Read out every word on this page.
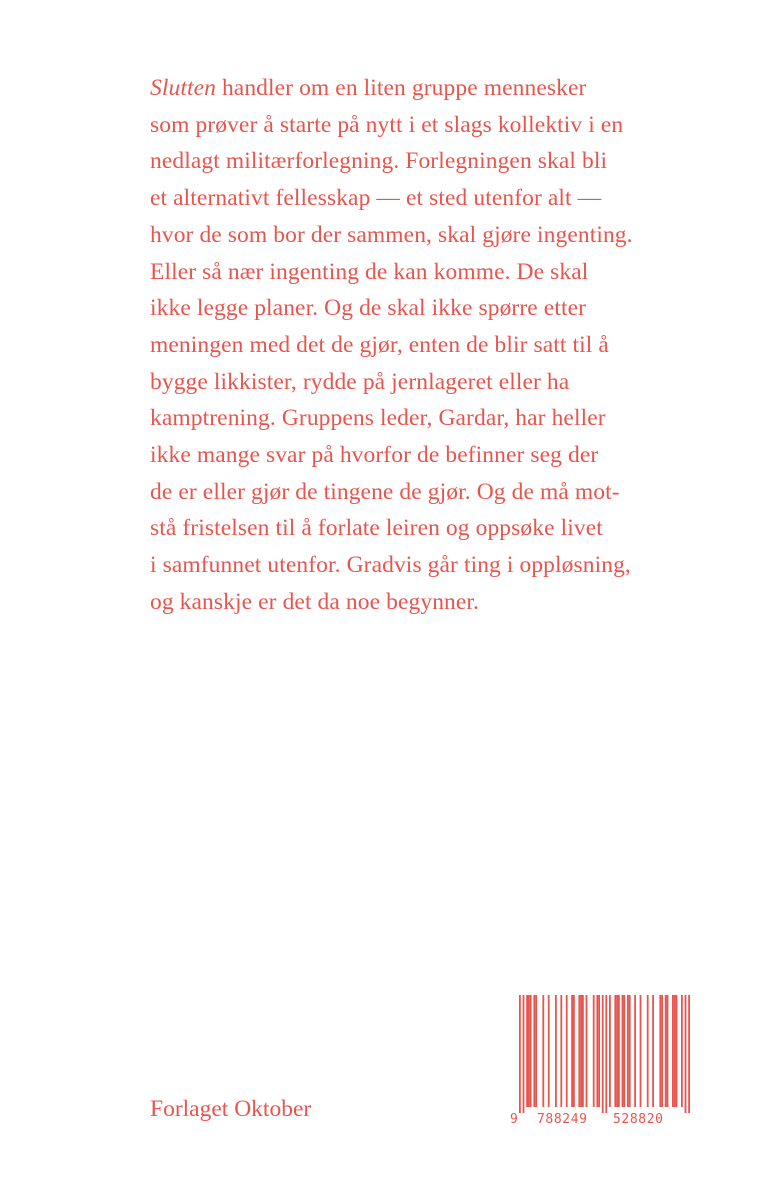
Slutten handler om en liten gruppe mennesker
som prøver å starte på nytt i et slags kollektiv i en
nedlagt militærforlegning. Forlegningen skal bli
et alternativt fellesskap — et sted utenfor alt —
hvor de som bor der sammen, skal gjøre ingenting.
Eller så nær ingenting de kan komme. De skal
ikke legge planer. Og de skal ikke spørre etter
meningen med det de gjør, enten de blir satt til å
bygge likkister, rydde på jernlageret eller ha
kamptrening. Gruppens leder, Gardar, har heller
ikke mange svar på hvorfor de befinner seg der
de er eller gjør de tingene de gjør. Og de må mot-
stå fristelsen til å forlate leiren og oppsøke livet
i samfunnet utenfor. Gradvis går ting i oppløsning,
og kanskje er det da noe begynner.
Forlaget Oktober	9 788249 528820
